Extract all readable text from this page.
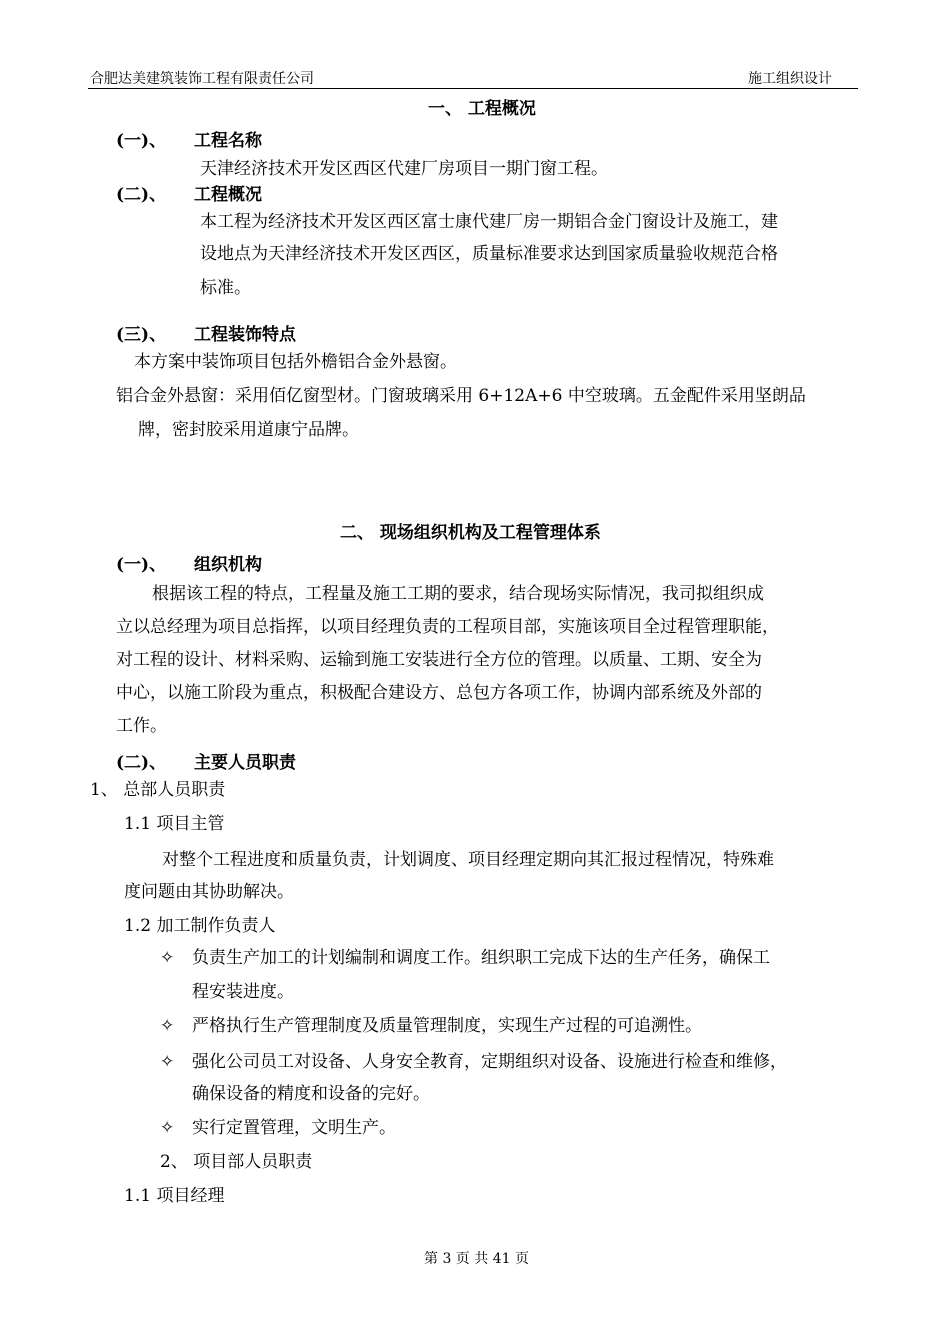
合肥达美建筑装饰工程有限责任公司	施工组织设计
一、 工程概况
(一)、 工程名称
天津经济技术开发区西区代建厂房项目一期门窗工程。
(二)、 工程概况
本工程为经济技术开发区西区富士康代建厂房一期铝合金门窗设计及施工，建
设地点为天津经济技术开发区西区，质量标准要求达到国家质量验收规范合格
标准。
(三)、 工程装饰特点
本方案中装饰项目包括外檐铝合金外悬窗。
铝合金外悬窗：采用佰亿窗型材。门窗玻璃采用 6+12A+6 中空玻璃。五金配件采用坚朗品
牌，密封胶采用道康宁品牌。
二、 现场组织机构及工程管理体系
(一)、 组织机构
根据该工程的特点，工程量及施工工期的要求，结合现场实际情况，我司拟组织成
立以总经理为项目总指挥，以项目经理负责的工程项目部，实施该项目全过程管理职能，
对工程的设计、材料采购、运输到施工安装进行全方位的管理。以质量、工期、安全为
中心，以施工阶段为重点，积极配合建设方、总包方各项工作，协调内部系统及外部的
工作。
(二)、 主要人员职责
1、 总部人员职责
1.1 项目主管
对整个工程进度和质量负责，计划调度、项目经理定期向其汇报过程情况，特殊难
度问题由其协助解决。
1.2 加工制作负责人
✧ 负责生产加工的计划编制和调度工作。组织职工完成下达的生产任务，确保工
程安装进度。
✧ 严格执行生产管理制度及质量管理制度，实现生产过程的可追溯性。
✧ 强化公司员工对设备、人身安全教育，定期组织对设备、设施进行检查和维修，
确保设备的精度和设备的完好。
✧ 实行定置管理，文明生产。
2、 项目部人员职责
1.1 项目经理
第 3 页 共 41 页
